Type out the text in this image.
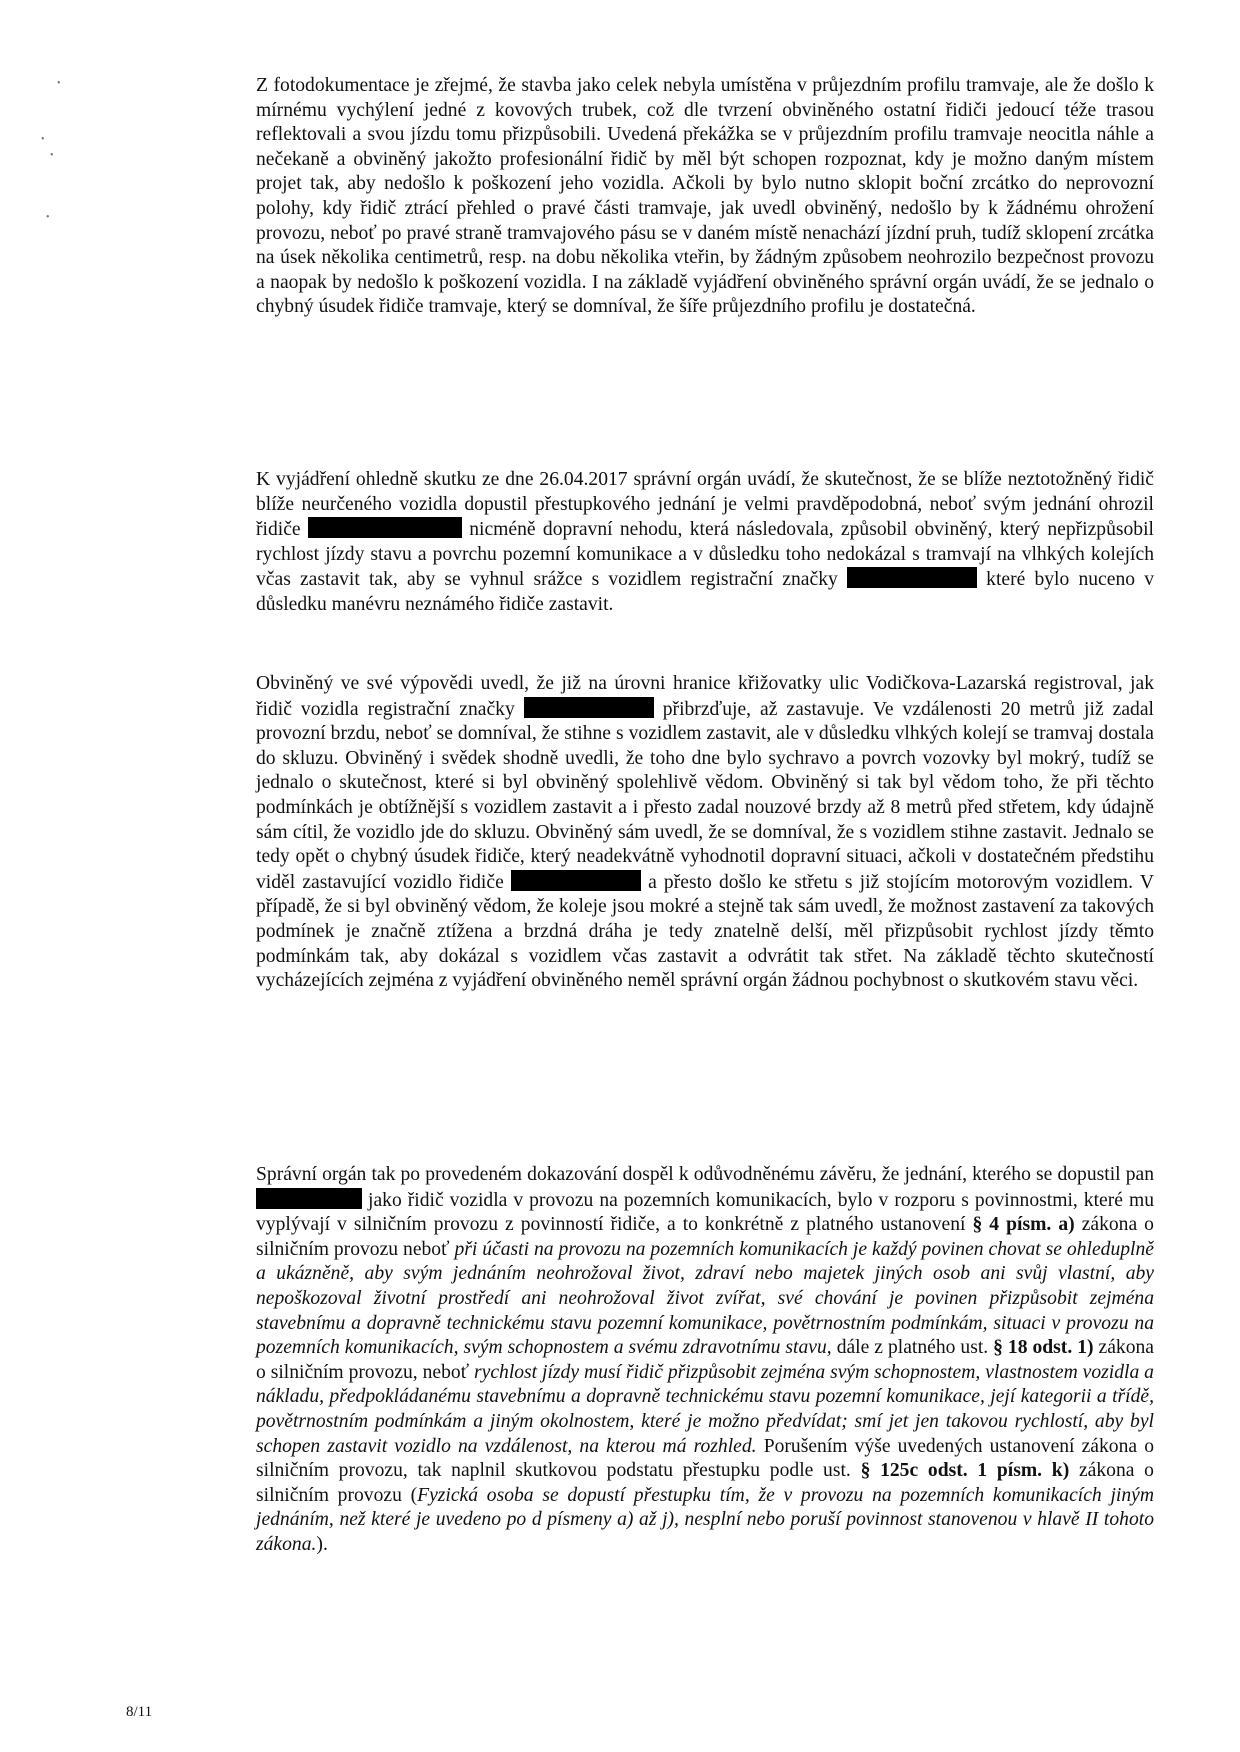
•
•
•
•

Z fotodokumentace je zřejmé, že stavba jako celek nebyla umístěna v průjezdním profilu tramvaje, ale že došlo k mírnému vychýlení jedné z kovových trubek, což dle tvrzení obviněného ostatní řidiči jedoucí téže trasou reflektovali a svou jízdu tomu přizpůsobili. Uvedená překážka se v průjezdním profilu tramvaje neocitla náhle a nečekaně a obviněný jakožto profesionální řidič by měl být schopen rozpoznat, kdy je možno daným místem projet tak, aby nedošlo k poškození jeho vozidla. Ačkoli by bylo nutno sklopit boční zrcátko do neprovozní polohy, kdy řidič ztrácí přehled o pravé části tramvaje, jak uvedl obviněný, nedošlo by k žádnému ohrožení provozu, neboť po pravé straně tramvajového pásu se v daném místě nenachází jízdní pruh, tudíž sklopení zrcátka na úsek několika centimetrů, resp. na dobu několika vteřin, by žádným způsobem neohrozilo bezpečnost provozu a naopak by nedošlo k poškození vozidla. I na základě vyjádření obviněného správní orgán uvádí, že se jednalo o chybný úsudek řidiče tramvaje, který se domníval, že šíře průjezdního profilu je dostatečná.

K vyjádření ohledně skutku ze dne 26.04.2017 správní orgán uvádí, že skutečnost, že se blíže neztotožněný řidič blíže neurčeného vozidla dopustil přestupkového jednání je velmi pravděpodobná, neboť svým jednání ohrozil řidiče	nicméně dopravní nehodu, která následovala, způsobil obviněný, který nepřizpůsobil rychlost jízdy stavu a povrchu pozemní komunikace a v důsledku toho nedokázal s tramvají na vlhkých kolejích včas zastavit tak, aby se vyhnul srážce s vozidlem registrační značky	které bylo nuceno v důsledku manévru neznámého řidiče zastavit.

Obviněný ve své výpovědi uvedl, že již na úrovni hranice křižovatky ulic Vodičkova-Lazarská registroval, jak řidič vozidla registrační značky	přibrzďuje, až zastavuje. Ve vzdálenosti 20 metrů již zadal provozní brzdu, neboť se domníval, že stihne s vozidlem zastavit, ale v důsledku vlhkých kolejí se tramvaj dostala do skluzu. Obviněný i svědek shodně uvedli, že toho dne bylo sychravo a povrch vozovky byl mokrý, tudíž se jednalo o skutečnost, které si byl obviněný spolehlivě vědom. Obviněný si tak byl vědom toho, že při těchto podmínkách je obtížnější s vozidlem zastavit a i přesto zadal nouzové brzdy až 8 metrů před střetem, kdy údajně sám cítil, že vozidlo jde do skluzu. Obviněný sám uvedl, že se domníval, že s vozidlem stihne zastavit. Jednalo se tedy opět o chybný úsudek řidiče, který neadekvátně vyhodnotil dopravní situaci, ačkoli v dostatečném předstihu viděl zastavující vozidlo řidiče	a přesto došlo ke střetu s již stojícím motorovým vozidlem. V případě, že si byl obviněný vědom, že koleje jsou mokré a stejně tak sám uvedl, že možnost zastavení za takových podmínek je značně ztížena a brzdná dráha je tedy znatelně delší, měl přizpůsobit rychlost jízdy těmto podmínkám tak, aby dokázal s vozidlem včas zastavit a odvrátit tak střet. Na základě těchto skutečností vycházejících zejména z vyjádření obviněného neměl správní orgán žádnou pochybnost o skutkovém stavu věci.

Správní orgán tak po provedeném dokazování dospěl k odůvodněnému závěru, že jednání, kterého se dopustil pan  jako řidič vozidla v provozu na pozemních komunikacích, bylo v rozporu s povinnostmi, které mu vyplývají v silničním provozu z povinností řidiče, a to konkrétně z platného ustanovení § 4 písm. a) zákona o silničním provozu neboť při účasti na provozu na pozemních komunikacích je každý povinen chovat se ohleduplně a ukázněně, aby svým jednáním neohrožoval život, zdraví nebo majetek jiných osob ani svůj vlastní, aby nepoškozoval životní prostředí ani neohrožoval život zvířat, své chování je povinen přizpůsobit zejména stavebnímu a dopravně technickému stavu pozemní komunikace, povětrnostním podmínkám, situaci v provozu na pozemních komunikacích, svým schopnostem a svému zdravotnímu stavu, dále z platného ust. § 18 odst. 1) zákona o silničním provozu, neboť rychlost jízdy musí řidič přizpůsobit zejména svým schopnostem, vlastnostem vozidla a nákladu, předpokládanému stavebnímu a dopravně technickému stavu pozemní komunikace, její kategorii a třídě, povětrnostním podmínkám a jiným okolnostem, které je možno předvídat; smí jet jen takovou rychlostí, aby byl schopen zastavit vozidlo na vzdálenost, na kterou má rozhled. Porušením výše uvedených ustanovení zákona o silničním provozu, tak naplnil skutkovou podstatu přestupku podle ust. § 125c odst. 1 písm. k) zákona o silničním provozu (Fyzická osoba se dopustí přestupku tím, že v provozu na pozemních komunikacích jiným jednáním, než které je uvedeno po d písmeny a) až j), nesplní nebo poruší povinnost stanovenou v hlavě II tohoto zákona.).

8/11
